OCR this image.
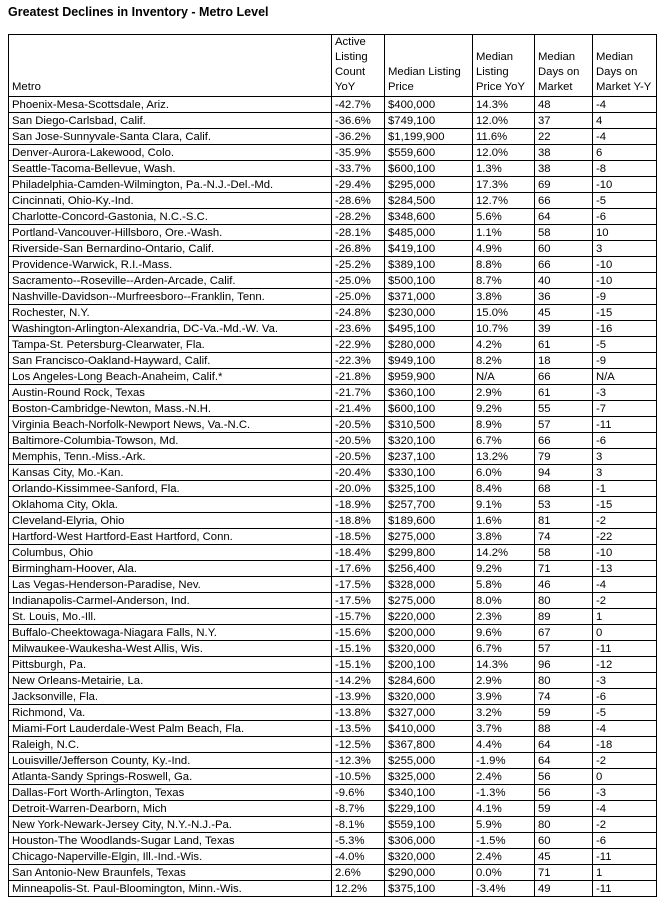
Greatest Declines in Inventory - Metro Level
Metro	Active Listing Count YoY	Median Listing Price	Median Listing Price YoY	Median Days on Market	Median Days on Market Y-Y
Phoenix-Mesa-Scottsdale, Ariz.	-42.7%	$400,000	14.3%	48	-4
San Diego-Carlsbad, Calif.	-36.6%	$749,100	12.0%	37	4
San Jose-Sunnyvale-Santa Clara, Calif.	-36.2%	$1,199,900	11.6%	22	-4
Denver-Aurora-Lakewood, Colo.	-35.9%	$559,600	12.0%	38	6
Seattle-Tacoma-Bellevue, Wash.	-33.7%	$600,100	1.3%	38	-8
Philadelphia-Camden-Wilmington, Pa.-N.J.-Del.-Md.	-29.4%	$295,000	17.3%	69	-10
Cincinnati, Ohio-Ky.-Ind.	-28.6%	$284,500	12.7%	66	-5
Charlotte-Concord-Gastonia, N.C.-S.C.	-28.2%	$348,600	5.6%	64	-6
Portland-Vancouver-Hillsboro, Ore.-Wash.	-28.1%	$485,000	1.1%	58	10
Riverside-San Bernardino-Ontario, Calif.	-26.8%	$419,100	4.9%	60	3
Providence-Warwick, R.I.-Mass.	-25.2%	$389,100	8.8%	66	-10
Sacramento--Roseville--Arden-Arcade, Calif.	-25.0%	$500,100	8.7%	40	-10
Nashville-Davidson--Murfreesboro--Franklin, Tenn.	-25.0%	$371,000	3.8%	36	-9
Rochester, N.Y.	-24.8%	$230,000	15.0%	45	-15
Washington-Arlington-Alexandria, DC-Va.-Md.-W. Va.	-23.6%	$495,100	10.7%	39	-16
Tampa-St. Petersburg-Clearwater, Fla.	-22.9%	$280,000	4.2%	61	-5
San Francisco-Oakland-Hayward, Calif.	-22.3%	$949,100	8.2%	18	-9
Los Angeles-Long Beach-Anaheim, Calif.*	-21.8%	$959,900	N/A	66	N/A
Austin-Round Rock, Texas	-21.7%	$360,100	2.9%	61	-3
Boston-Cambridge-Newton, Mass.-N.H.	-21.4%	$600,100	9.2%	55	-7
Virginia Beach-Norfolk-Newport News, Va.-N.C.	-20.5%	$310,500	8.9%	57	-11
Baltimore-Columbia-Towson, Md.	-20.5%	$320,100	6.7%	66	-6
Memphis, Tenn.-Miss.-Ark.	-20.5%	$237,100	13.2%	79	3
Kansas City, Mo.-Kan.	-20.4%	$330,100	6.0%	94	3
Orlando-Kissimmee-Sanford, Fla.	-20.0%	$325,100	8.4%	68	-1
Oklahoma City, Okla.	-18.9%	$257,700	9.1%	53	-15
Cleveland-Elyria, Ohio	-18.8%	$189,600	1.6%	81	-2
Hartford-West Hartford-East Hartford, Conn.	-18.5%	$275,000	3.8%	74	-22
Columbus, Ohio	-18.4%	$299,800	14.2%	58	-10
Birmingham-Hoover, Ala.	-17.6%	$256,400	9.2%	71	-13
Las Vegas-Henderson-Paradise, Nev.	-17.5%	$328,000	5.8%	46	-4
Indianapolis-Carmel-Anderson, Ind.	-17.5%	$275,000	8.0%	80	-2
St. Louis, Mo.-Ill.	-15.7%	$220,000	2.3%	89	1
Buffalo-Cheektowaga-Niagara Falls, N.Y.	-15.6%	$200,000	9.6%	67	0
Milwaukee-Waukesha-West Allis, Wis.	-15.1%	$320,000	6.7%	57	-11
Pittsburgh, Pa.	-15.1%	$200,100	14.3%	96	-12
New Orleans-Metairie, La.	-14.2%	$284,600	2.9%	80	-3
Jacksonville, Fla.	-13.9%	$320,000	3.9%	74	-6
Richmond, Va.	-13.8%	$327,000	3.2%	59	-5
Miami-Fort Lauderdale-West Palm Beach, Fla.	-13.5%	$410,000	3.7%	88	-4
Raleigh, N.C.	-12.5%	$367,800	4.4%	64	-18
Louisville/Jefferson County, Ky.-Ind.	-12.3%	$255,000	-1.9%	64	-2
Atlanta-Sandy Springs-Roswell, Ga.	-10.5%	$325,000	2.4%	56	0
Dallas-Fort Worth-Arlington, Texas	-9.6%	$340,100	-1.3%	56	-3
Detroit-Warren-Dearborn, Mich	-8.7%	$229,100	4.1%	59	-4
New York-Newark-Jersey City, N.Y.-N.J.-Pa.	-8.1%	$559,100	5.9%	80	-2
Houston-The Woodlands-Sugar Land, Texas	-5.3%	$306,000	-1.5%	60	-6
Chicago-Naperville-Elgin, Ill.-Ind.-Wis.	-4.0%	$320,000	2.4%	45	-11
San Antonio-New Braunfels, Texas	2.6%	$290,000	0.0%	71	1
Minneapolis-St. Paul-Bloomington, Minn.-Wis.	12.2%	$375,100	-3.4%	49	-11
